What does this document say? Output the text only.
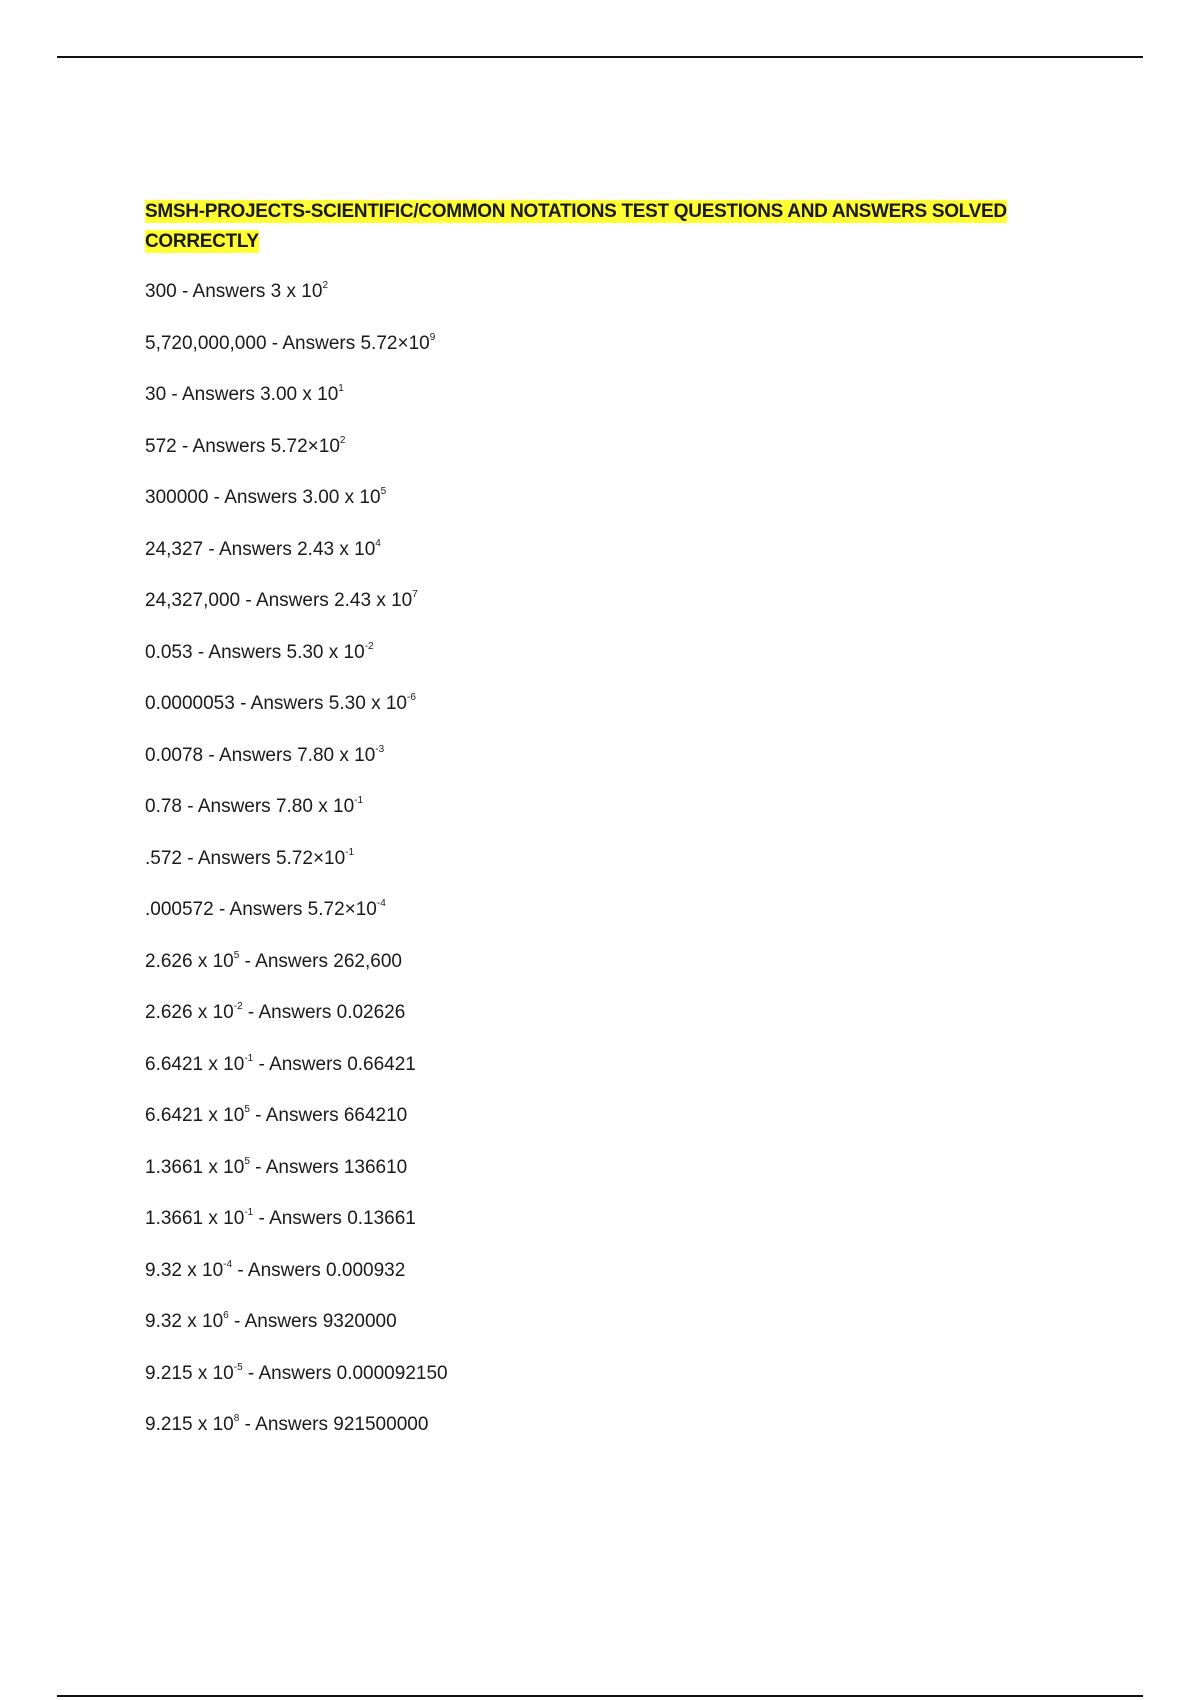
SMSH-PROJECTS-SCIENTIFIC/COMMON NOTATIONS TEST QUESTIONS AND ANSWERS SOLVED CORRECTLY
300 - Answers 3 x $10^2$
5,720,000,000 - Answers $5.72\times 10^9$
30 - Answers 3.00 x $10^1$
572 - Answers $5.72\times 10^2$
300000 - Answers 3.00 x $10^5$
24,327 - Answers 2.43 x $10^4$
24,327,000 - Answers 2.43 x $10^7$
0.053 - Answers 5.30 x $10^{-2}$
0.0000053 - Answers 5.30 x $10^{-6}$
0.0078 - Answers 7.80 x $10^{-3}$
0.78 - Answers 7.80 x $10^{-1}$
.572 - Answers $5.72\times 10^{-1}$
.000572 - Answers $5.72\times 10^{-4}$
2.626 x $10^5$ - Answers 262,600
2.626 x $10^{-2}$ - Answers 0.02626
6.6421 x $10^{-1}$ - Answers 0.66421
6.6421 x $10^5$ - Answers 664210
1.3661 x $10^5$ - Answers 136610
1.3661 x $10^{-1}$ - Answers 0.13661
9.32 x $10^{-4}$ - Answers 0.000932
9.32 x $10^6$ - Answers 9320000
9.215 x $10^{-5}$ - Answers 0.000092150
9.215 x $10^8$ - Answers 921500000
